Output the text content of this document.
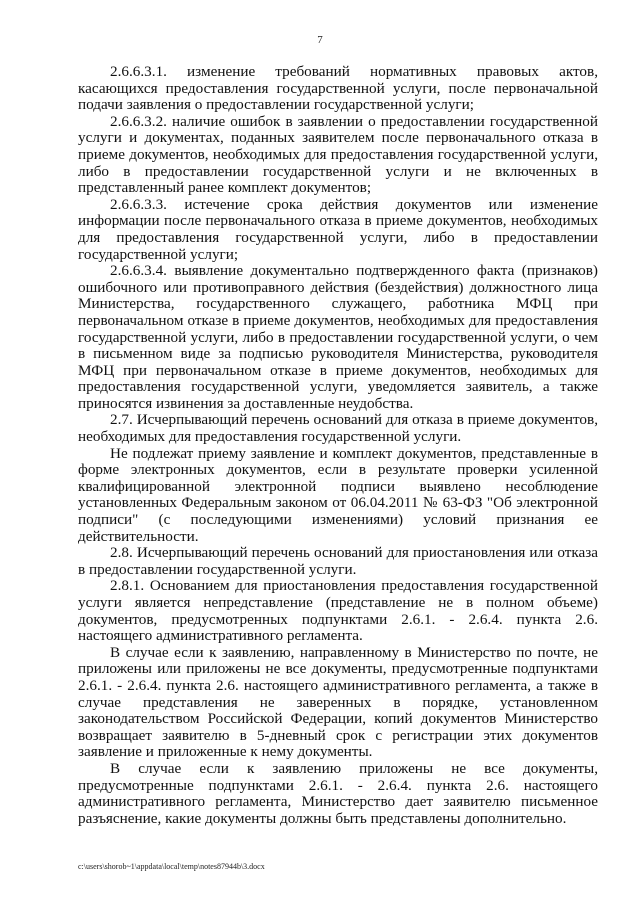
7

2.6.6.3.1. изменение требований нормативных правовых актов, касающихся предоставления государственной услуги, после первоначальной подачи заявления о предоставлении государственной услуги;

2.6.6.3.2. наличие ошибок в заявлении о предоставлении государственной услуги и документах, поданных заявителем после первоначального отказа в приеме документов, необходимых для предоставления государственной услуги, либо в предоставлении государственной услуги и не включенных в представленный ранее комплект документов;

2.6.6.3.3. истечение срока действия документов или изменение информации после первоначального отказа в приеме документов, необходимых для предоставления государственной услуги, либо в предоставлении государственной услуги;

2.6.6.3.4. выявление документально подтвержденного факта (признаков) ошибочного или противоправного действия (бездействия) должностного лица Министерства, государственного служащего, работника МФЦ при первоначальном отказе в приеме документов, необходимых для предоставления государственной услуги, либо в предоставлении государственной услуги, о чем в письменном виде за подписью руководителя Министерства, руководителя МФЦ при первоначальном отказе в приеме документов, необходимых для предоставления государственной услуги, уведомляется заявитель, а также приносятся извинения за доставленные неудобства.

2.7. Исчерпывающий перечень оснований для отказа в приеме документов, необходимых для предоставления государственной услуги.

Не подлежат приему заявление и комплект документов, представленные в форме электронных документов, если в результате проверки усиленной квалифицированной электронной подписи выявлено несоблюдение установленных Федеральным законом от 06.04.2011 № 63-ФЗ "Об электронной подписи" (с последующими изменениями) условий признания ее действительности.

2.8. Исчерпывающий перечень оснований для приостановления или отказа в предоставлении государственной услуги.

2.8.1. Основанием для приостановления предоставления государственной услуги является непредставление (представление не в полном объеме) документов, предусмотренных подпунктами 2.6.1. - 2.6.4. пункта 2.6. настоящего административного регламента.

В случае если к заявлению, направленному в Министерство по почте, не приложены или приложены не все документы, предусмотренные подпунктами 2.6.1. - 2.6.4. пункта 2.6. настоящего административного регламента, а также в случае представления не заверенных в порядке, установленном законодательством Российской Федерации, копий документов Министерство возвращает заявителю в 5-дневный срок с регистрации этих документов заявление и приложенные к нему документы.

В случае если к заявлению приложены не все документы, предусмотренные подпунктами 2.6.1. - 2.6.4. пункта 2.6. настоящего административного регламента, Министерство дает заявителю письменное разъяснение, какие документы должны быть представлены дополнительно.

c:\users\shorob~1\appdata\local\temp\notes87944b\3.docx
